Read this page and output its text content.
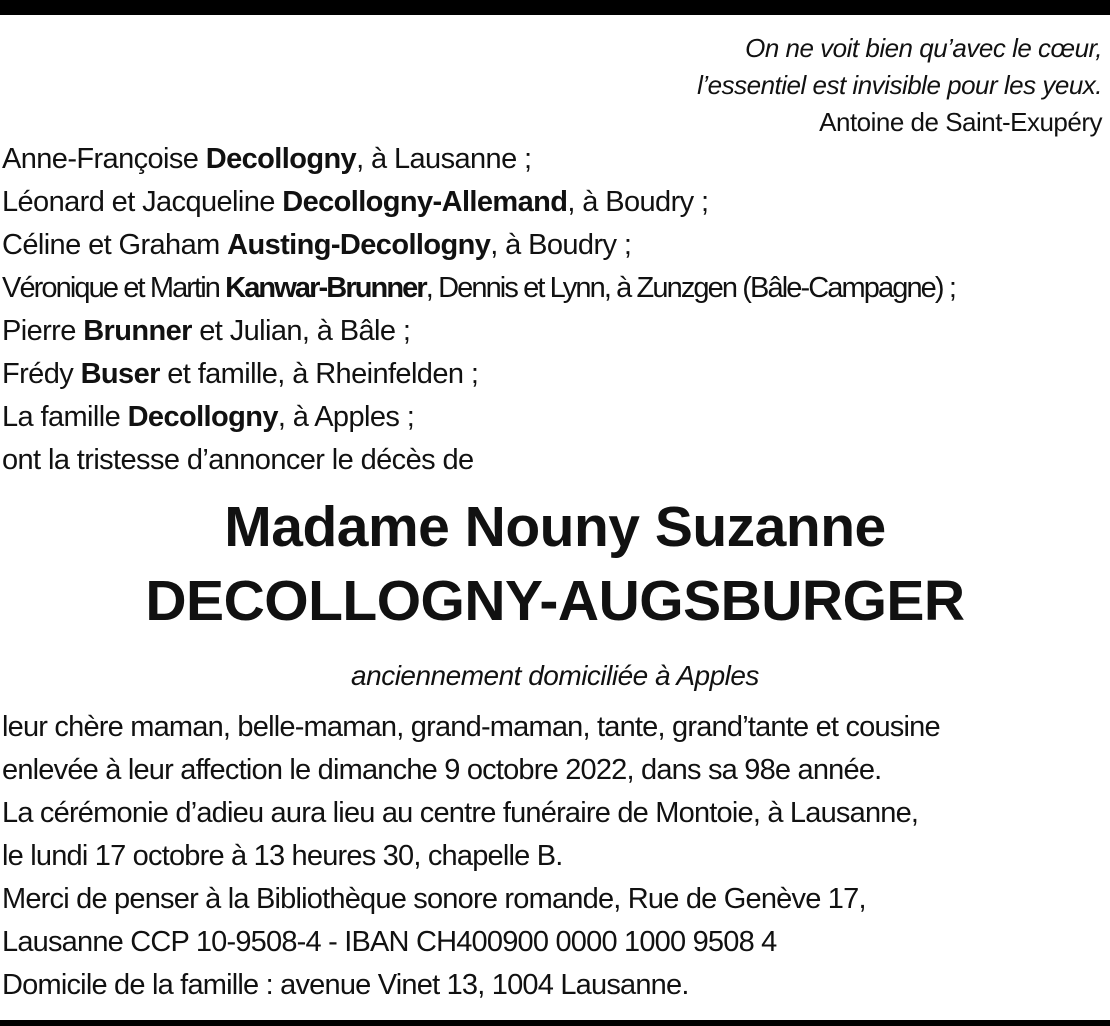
On ne voit bien qu’avec le cœur,
l’essentiel est invisible pour les yeux.
Antoine de Saint-Exupéry
Anne-Françoise Decollogny, à Lausanne ;
Léonard et Jacqueline Decollogny-Allemand, à Boudry ;
Céline et Graham Austing-Decollogny, à Boudry ;
Véronique et Martin Kanwar-Brunner, Dennis et Lynn, à Zunzgen (Bâle-Campagne) ;
Pierre Brunner et Julian, à Bâle ;
Frédy Buser et famille, à Rheinfelden ;
La famille Decollogny, à Apples ;
ont la tristesse d’annoncer le décès de
Madame Nouny Suzanne
DECOLLOGNY-AUGSBURGER
anciennement domiciliée à Apples
leur chère maman, belle-maman, grand-maman, tante, grand’tante et cousine
enlevée à leur affection le dimanche 9 octobre 2022, dans sa 98e année.
La cérémonie d’adieu aura lieu au centre funéraire de Montoie, à Lausanne,
le lundi 17 octobre à 13 heures 30, chapelle B.
Merci de penser à la Bibliothèque sonore romande, Rue de Genève 17,
Lausanne CCP 10-9508-4 - IBAN CH400900 0000 1000 9508 4
Domicile de la famille : avenue Vinet 13, 1004 Lausanne.
